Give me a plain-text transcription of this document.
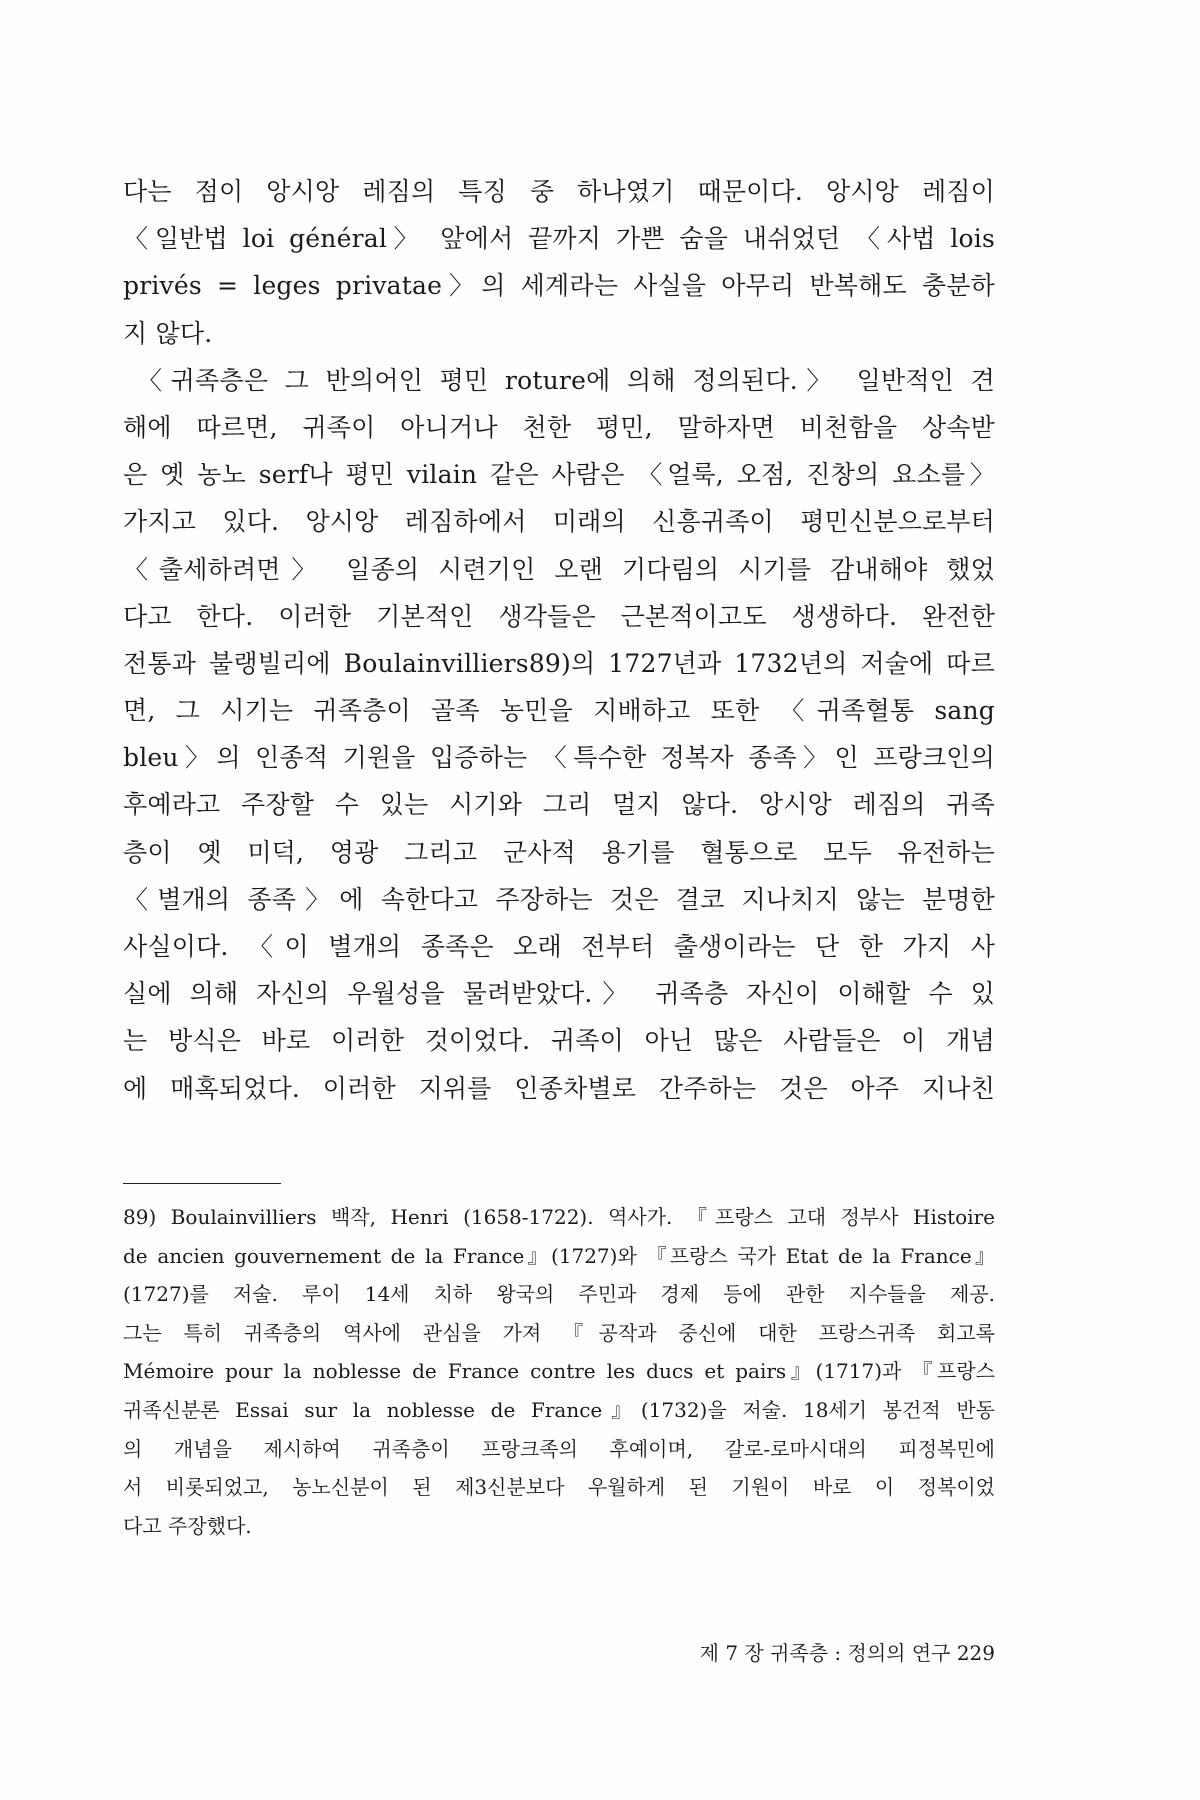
다는 점이 앙시앙 레짐의 특징 중 하나였기 때문이다. 앙시앙 레짐이
〈일반법 loi général〉 앞에서 끝까지 가쁜 숨을 내쉬었던 〈사법 lois
privés = leges privatae〉의 세계라는 사실을 아무리 반복해도 충분하
지 않다.
〈귀족층은 그 반의어인 평민 roture에 의해 정의된다.〉 일반적인 견
해에 따르면, 귀족이 아니거나 천한 평민, 말하자면 비천함을 상속받
은 옛 농노 serf나 평민 vilain 같은 사람은 〈얼룩, 오점, 진창의 요소를〉
가지고 있다. 앙시앙 레짐하에서 미래의 신흥귀족이 평민신분으로부터
〈출세하려면〉 일종의 시련기인 오랜 기다림의 시기를 감내해야 했었
다고 한다. 이러한 기본적인 생각들은 근본적이고도 생생하다. 완전한
전통과 불랭빌리에 Boulainvilliers89)의 1727년과 1732년의 저술에 따르
면, 그 시기는 귀족층이 골족 농민을 지배하고 또한 〈귀족혈통 sang
bleu〉의 인종적 기원을 입증하는 〈특수한 정복자 종족〉인 프랑크인의
후예라고 주장할 수 있는 시기와 그리 멀지 않다. 앙시앙 레짐의 귀족
층이 옛 미덕, 영광 그리고 군사적 용기를 혈통으로 모두 유전하는
〈별개의 종족〉에 속한다고 주장하는 것은 결코 지나치지 않는 분명한
사실이다. 〈이 별개의 종족은 오래 전부터 출생이라는 단 한 가지 사
실에 의해 자신의 우월성을 물려받았다.〉 귀족층 자신이 이해할 수 있
는 방식은 바로 이러한 것이었다. 귀족이 아닌 많은 사람들은 이 개념
에 매혹되었다. 이러한 지위를 인종차별로 간주하는 것은 아주 지나친
89) Boulainvilliers 백작, Henri (1658-1722). 역사가. 『프랑스 고대 정부사 Histoire
de ancien gouvernement de la France』(1727)와 『프랑스 국가 Etat de la France』
(1727)를 저술. 루이 14세 치하 왕국의 주민과 경제 등에 관한 지수들을 제공.
그는 특히 귀족층의 역사에 관심을 가져 『공작과 중신에 대한 프랑스귀족 회고록
Mémoire pour la noblesse de France contre les ducs et pairs』(1717)과 『프랑스
귀족신분론 Essai sur la noblesse de France』(1732)을 저술. 18세기 봉건적 반동
의 개념을 제시하여 귀족층이 프랑크족의 후예이며, 갈로-로마시대의 피정복민에
서 비롯되었고, 농노신분이 된 제3신분보다 우월하게 된 기원이 바로 이 정복이었
다고 주장했다.
제 7 장 귀족층 : 정의의 연구 229
